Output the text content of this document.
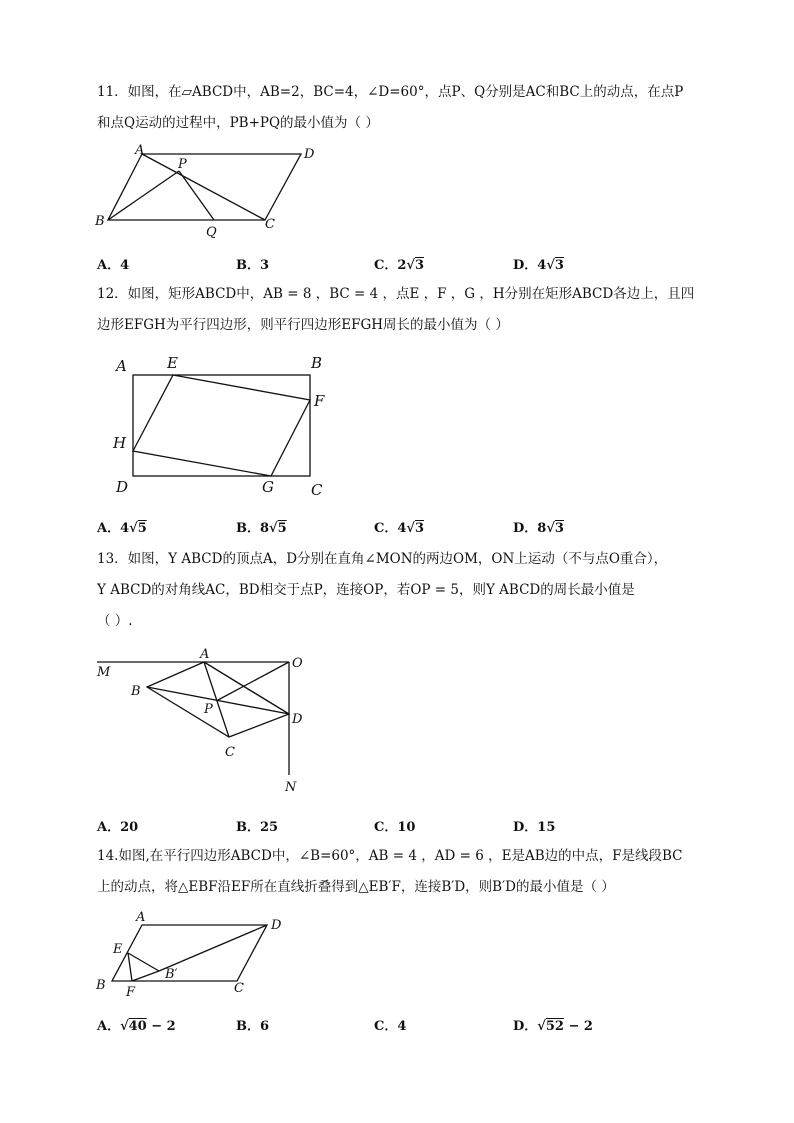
11．如图，在▱ABCD中，AB=2，BC=4，∠D=60°，点P、Q分别是AC和BC上的动点，在点P
和点Q运动的过程中，PB+PQ的最小值为（ ）
A	D
P
B
Q
C
A．4	B．3	C．2√3	D．4√3
12．如图，矩形ABCD中，AB = 8 ，BC = 4 ，点E ，F ，G ，H分别在矩形ABCD各边上，且四
边形EFGH为平行四边形，则平行四边形EFGH周长的最小值为（ ）
A	E	B
F
H
D	G C
A．4√5	B．8√5	C．4√3	D．8√3
13．如图，Y ABCD的顶点A，D分别在直角∠MON的两边OM，ON上运动（不与点O重合），
Y ABCD的对角线AC，BD相交于点P，连接OP，若OP = 5，则Y ABCD的周长最小值是
（ ）.
M
A
O
B
P
D
C
N
A．20	B．25	C．10	D．15
14.如图,在平行四边形ABCD中，∠B=60°，AB = 4 ，AD = 6 ，E是AB边的中点，F是线段BC
上的动点，将△EBF沿EF所在直线折叠得到△EB′F，连接B′D，则B′D的最小值是（ ）
A
D
E
B′
B F	C
A．√40 − 2	B．6	C．4	D．√52 − 2
